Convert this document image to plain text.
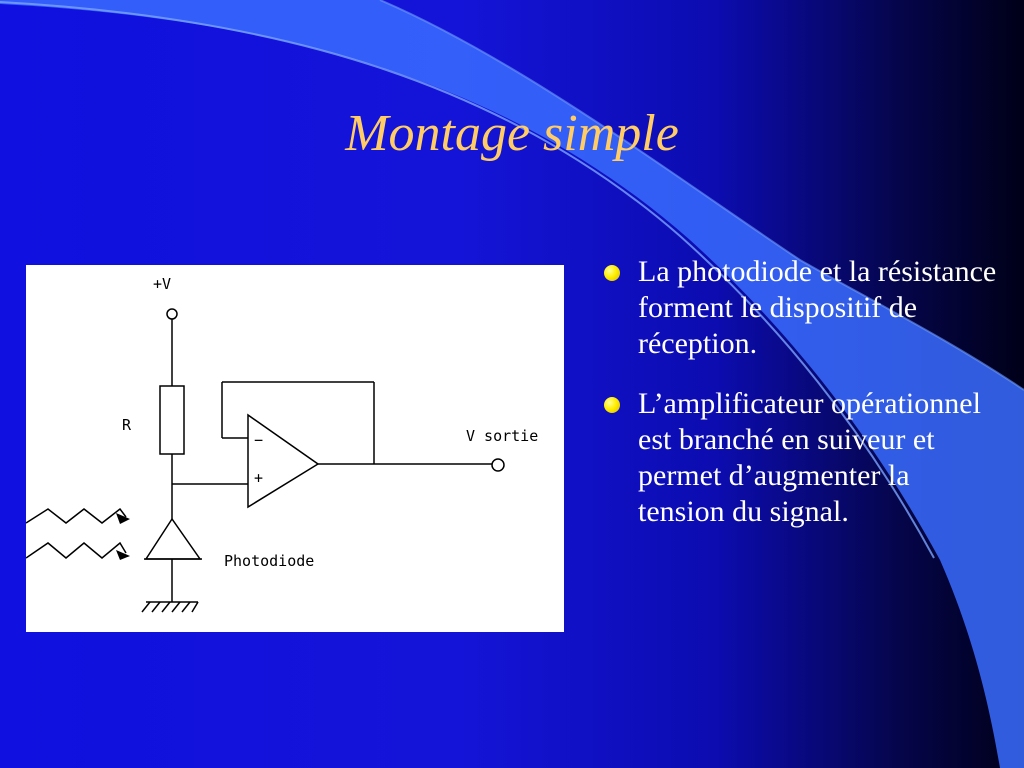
Montage simple
−
+
+V
R
V sortie
Photodiode
La photodiode et la résistance forment le dispositif de réception.
L’amplificateur opérationnel est branché en suiveur et permet d’augmenter la tension du signal.
